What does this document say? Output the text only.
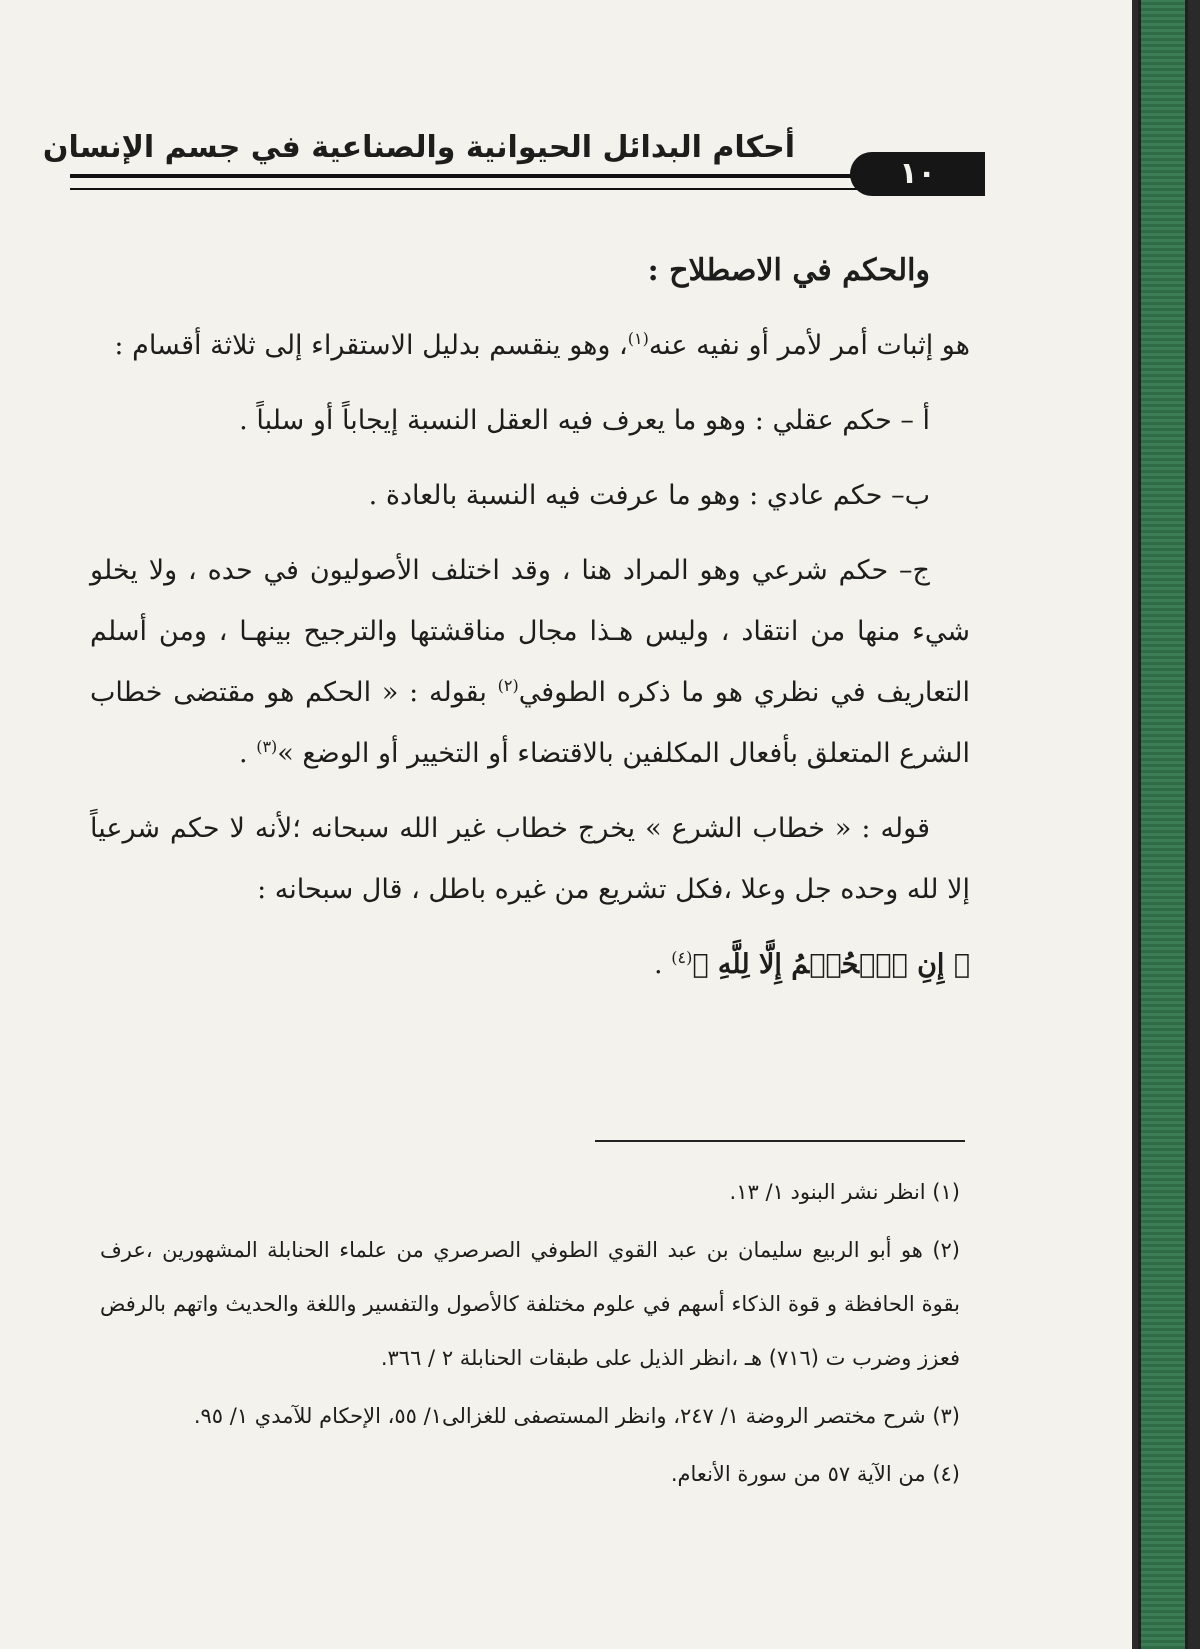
أحكام البدائل الحيوانية والصناعية في جسم الإنسان
١٠

والحكم في الاصطلاح :

هو إثبات أمر لأمر أو نفيه عنه$^{(١)}$، وهو ينقسم بدليل الاستقراء إلى ثلاثة أقسام :

أ – حكم عقلي : وهو ما يعرف فيه العقل النسبة إيجاباً أو سلباً .

ب– حكم عادي : وهو ما عرفت فيه النسبة بالعادة .

ج– حكم شرعي وهو المراد هنا ، وقد اختلف الأصوليون في حده ، ولا يخلو شيء منها من انتقاد ، وليس هـذا مجال مناقشتها والترجيح بينهـا ، ومن أسلم التعاريف في نظري هو ما ذكره الطوفي$^{(٢)}$ بقوله : « الحكم هو مقتضى خطاب الشرع المتعلق بأفعال المكلفين بالاقتضاء أو التخيير أو الوضع »$^{(٣)}$ .

قوله : « خطاب الشرع » يخرج خطاب غير الله سبحانه ؛لأنه لا حكم شرعياً إلا لله وحده جل وعلا ،فكل تشريع من غيره باطل ، قال سبحانه :

﴿ إِنِ ٱلۡحُكۡمُ إِلَّا لِلَّهِ ﴾$^{(٤)}$ .

(١) انظر نشر البنود ١/ ١٣.

(٢) هو أبو الربيع سليمان بن عبد القوي الطوفي الصرصري من علماء الحنابلة المشهورين ،عرف بقوة الحافظة و قوة الذكاء أسهم في علوم مختلفة كالأصول والتفسير واللغة والحديث واتهم بالرفض فعزز وضرب ت (٧١٦) هـ ،انظر الذيل على طبقات الحنابلة ٢ / ٣٦٦.

(٣) شرح مختصر الروضة ١/ ٢٤٧، وانظر المستصفى للغزالى١/ ٥٥، الإحكام للآمدي ١/ ٩٥.

(٤) من الآية ٥٧ من سورة الأنعام.
